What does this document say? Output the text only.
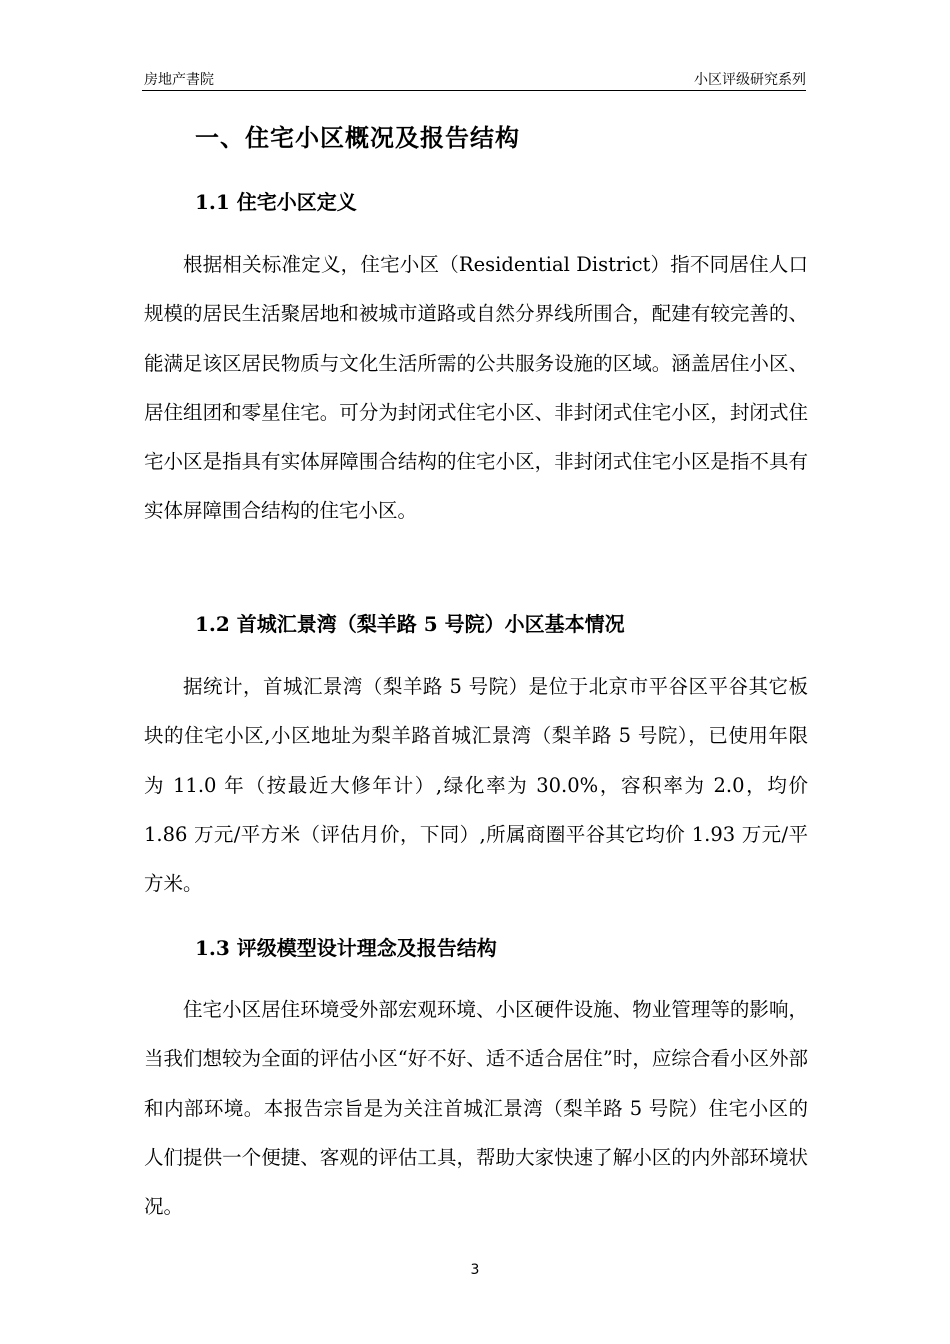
房地产書院	小区评级研究系列
一、住宅小区概况及报告结构
1.1 住宅小区定义

根据相关标准定义，住宅小区（Residential District）指不同居住人口规模的居民生活聚居地和被城市道路或自然分界线所围合，配建有较完善的、能满足该区居民物质与文化生活所需的公共服务设施的区域。涵盖居住小区、居住组团和零星住宅。可分为封闭式住宅小区、非封闭式住宅小区，封闭式住宅小区是指具有实体屏障围合结构的住宅小区，非封闭式住宅小区是指不具有实体屏障围合结构的住宅小区。

1.2 首城汇景湾（梨羊路 5 号院）小区基本情况

据统计，首城汇景湾（梨羊路 5 号院）是位于北京市平谷区平谷其它板块的住宅小区,小区地址为梨羊路首城汇景湾（梨羊路 5 号院），已使用年限为 11.0 年（按最近大修年计）,绿化率为 30.0%，容积率为 2.0，均价 1.86 万元/平方米（评估月价，下同）,所属商圈平谷其它均价 1.93 万元/平方米。

1.3 评级模型设计理念及报告结构

住宅小区居住环境受外部宏观环境、小区硬件设施、物业管理等的影响，当我们想较为全面的评估小区“好不好、适不适合居住”时，应综合看小区外部和内部环境。本报告宗旨是为关注首城汇景湾（梨羊路 5 号院）住宅小区的人们提供一个便捷、客观的评估工具，帮助大家快速了解小区的内外部环境状况。

3
